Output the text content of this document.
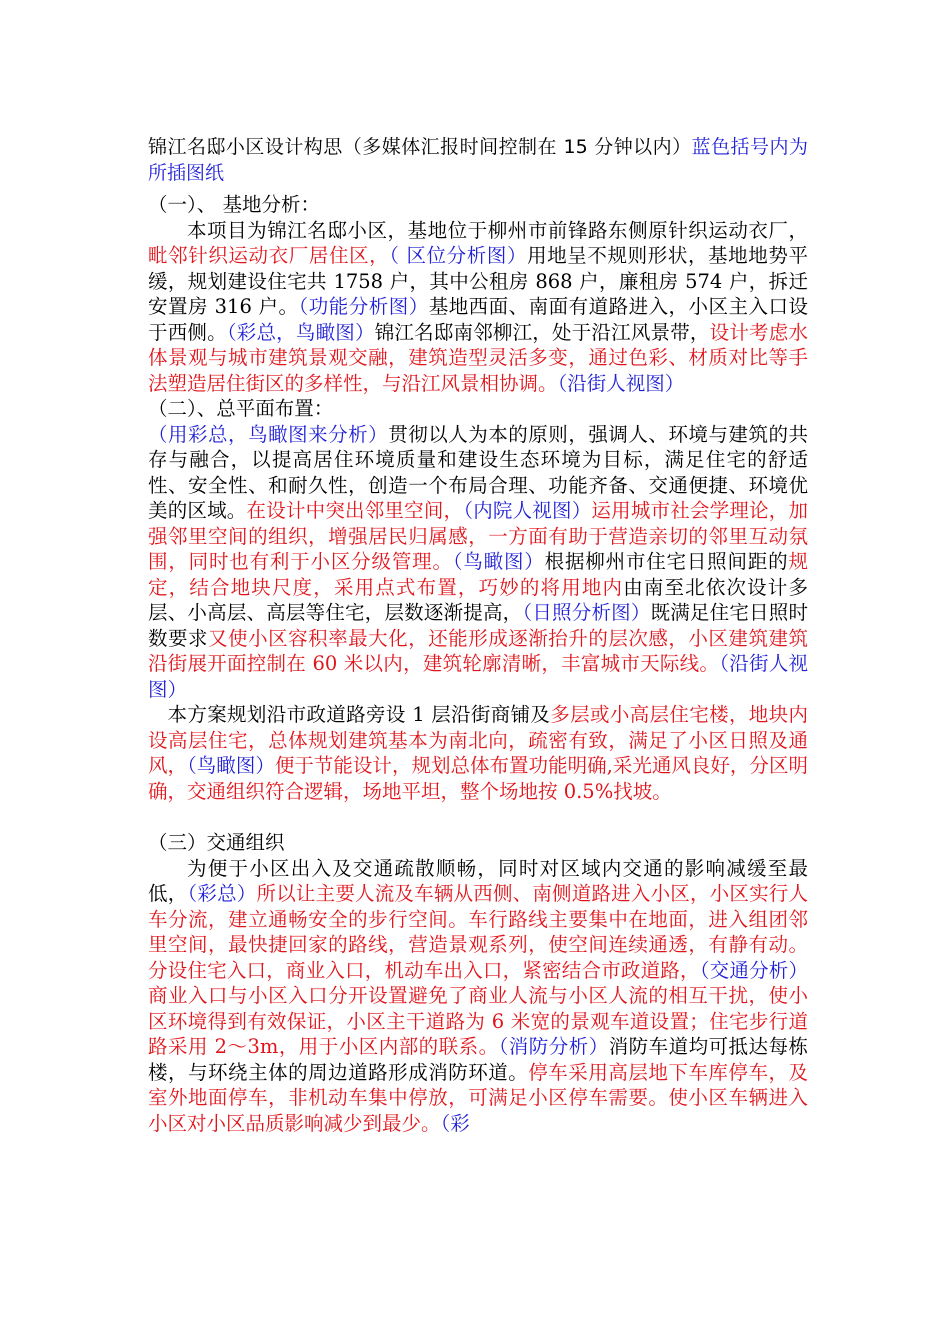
锦江名邸小区设计构思（多媒体汇报时间控制在 15 分钟以内）蓝色括号内为所插图纸
（一）、 基地分析：

本项目为锦江名邸小区，基地位于柳州市前锋路东侧原针织运动衣厂，毗邻针织运动衣厂居住区，（ 区位分析图）用地呈不规则形状，基地地势平缓，规划建设住宅共 1758 户，其中公租房 868 户，廉租房 574 户，拆迁安置房 316 户。（功能分析图）基地西面、南面有道路进入，小区主入口设于西侧。（彩总，鸟瞰图）锦江名邸南邻柳江，处于沿江风景带，设计考虑水体景观与城市建筑景观交融，建筑造型灵活多变，通过色彩、材质对比等手法塑造居住街区的多样性，与沿江风景相协调。（沿街人视图）

（二）、总平面布置：

（用彩总，鸟瞰图来分析）贯彻以人为本的原则，强调人、环境与建筑的共存与融合，以提高居住环境质量和建设生态环境为目标，满足住宅的舒适性、安全性、和耐久性，创造一个布局合理、功能齐备、交通便捷、环境优美的区域。在设计中突出邻里空间，（内院人视图）运用城市社会学理论，加强邻里空间的组织，增强居民归属感，一方面有助于营造亲切的邻里互动氛围，同时也有利于小区分级管理。（鸟瞰图）根据柳州市住宅日照间距的规定，结合地块尺度，采用点式布置，巧妙的将用地内由南至北依次设计多层、小高层、高层等住宅，层数逐渐提高，（日照分析图）既满足住宅日照时数要求又使小区容积率最大化，还能形成逐渐抬升的层次感，小区建筑建筑沿街展开面控制在 60 米以内，建筑轮廓清晰，丰富城市天际线。（沿街人视图）

本方案规划沿市政道路旁设 1 层沿街商铺及多层或小高层住宅楼，地块内设高层住宅，总体规划建筑基本为南北向，疏密有致，满足了小区日照及通风，（鸟瞰图）便于节能设计，规划总体布置功能明确,采光通风良好，分区明确，交通组织符合逻辑，场地平坦，整个场地按 0.5%找坡。

（三）交通组织

为便于小区出入及交通疏散顺畅，同时对区域内交通的影响减缓至最低，（彩总）所以让主要人流及车辆从西侧、南侧道路进入小区，小区实行人车分流，建立通畅安全的步行空间。车行路线主要集中在地面，进入组团邻里空间，最快捷回家的路线，营造景观系列，使空间连续通透，有静有动。分设住宅入口，商业入口，机动车出入口，紧密结合市政道路，（交通分析）商业入口与小区入口分开设置避免了商业人流与小区人流的相互干扰，使小区环境得到有效保证，小区主干道路为 6 米宽的景观车道设置；住宅步行道路采用 2～3m，用于小区内部的联系。（消防分析）消防车道均可抵达每栋楼，与环绕主体的周边道路形成消防环道。停车采用高层地下车库停车，及室外地面停车，非机动车集中停放，可满足小区停车需要。使小区车辆进入小区对小区品质影响减少到最少。（彩
